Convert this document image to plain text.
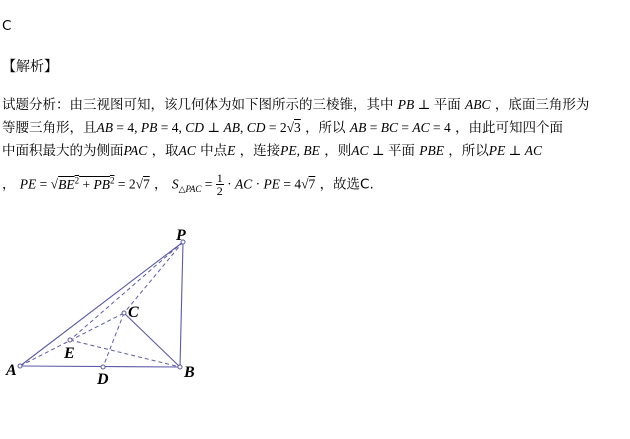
C
【解析】
试题分析：由三视图可知，该几何体为如下图所示的三棱锥，其中 PB ⊥ 平面 ABC ，底面三角形为
等腰三角形，且AB = 4, PB = 4, CD ⊥ AB, CD = 2√3 ，所以 AB = BC = AC = 4 ，由此可知四个面
中面积最大的为侧面PAC ，取AC 中点E ，连接PE, BE ，则AC ⊥ 平面 PBE ，所以PE ⊥ AC
， PE = $√BE^2 + PB^2 = 2√7$ ， $S_{\triangle PAC} = \frac{1}{2}$ · AC · PE = 4√7 ，故选C.
P
C
E
A
D	B
